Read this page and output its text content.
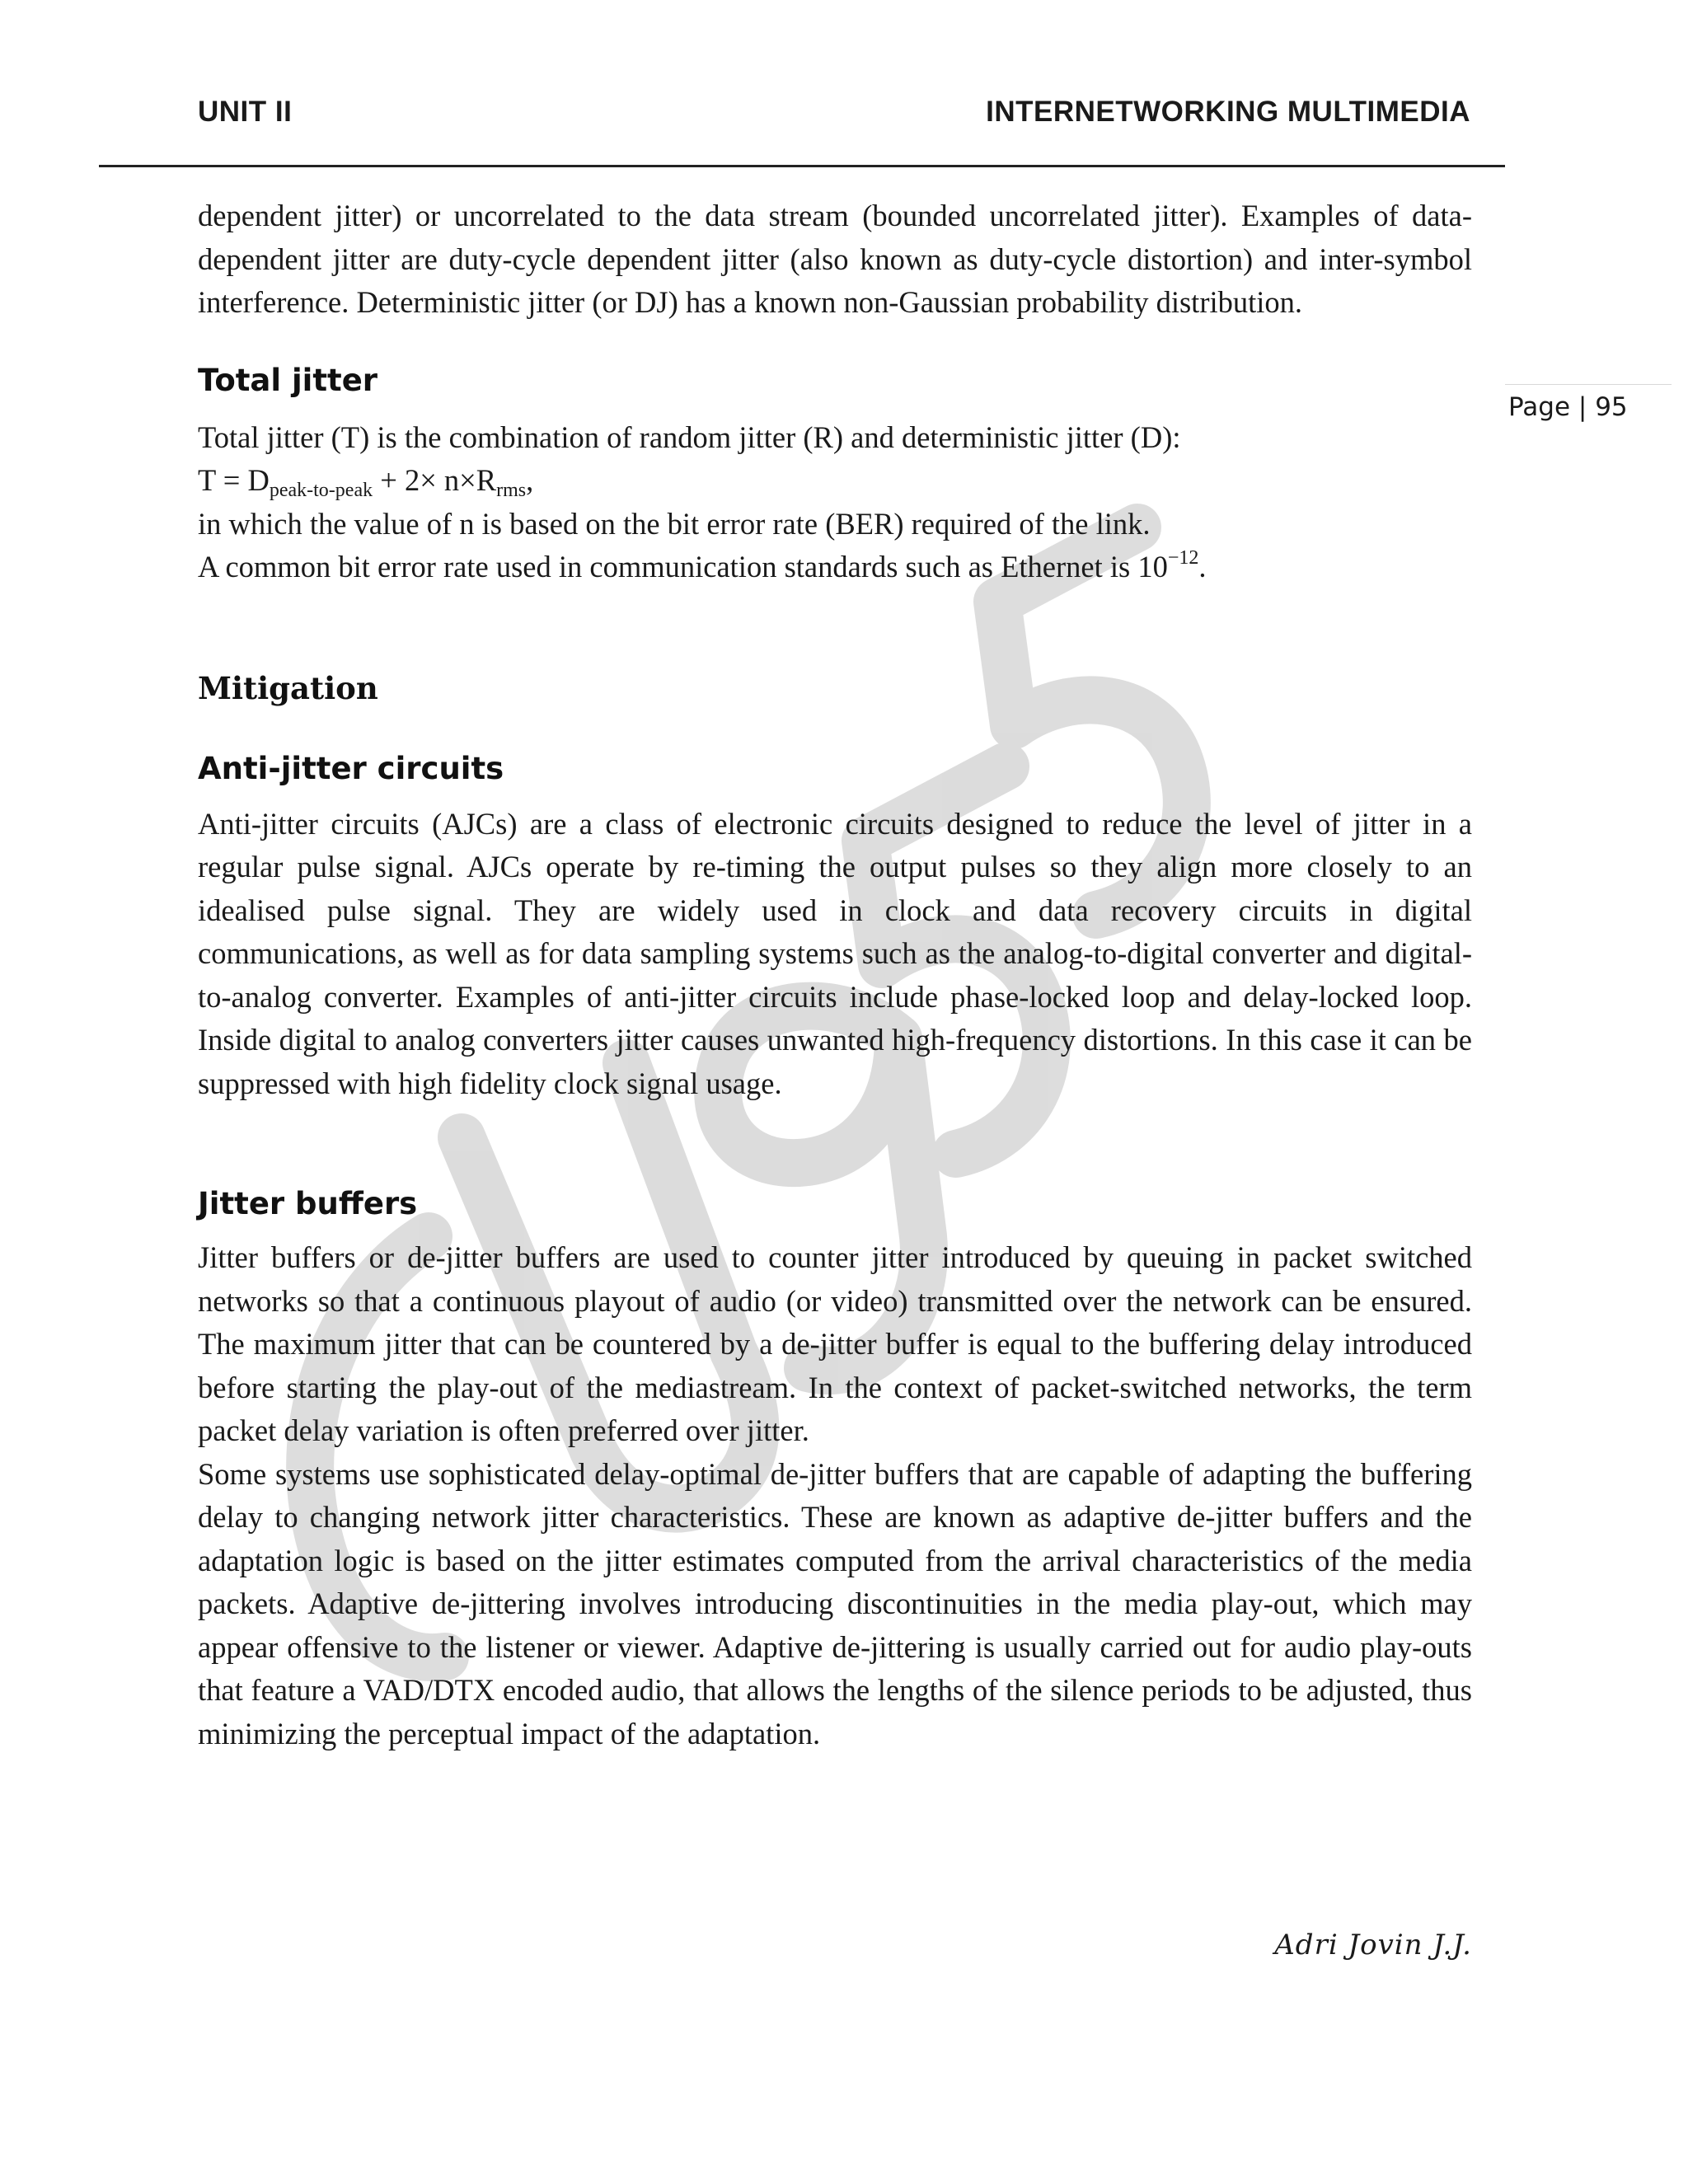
UNIT II	INTERNETWORKING MULTIMEDIA
Page | 95

dependent jitter) or uncorrelated to the data stream (bounded uncorrelated jitter). Examples of data-dependent jitter are duty-cycle dependent jitter (also known as duty-cycle distortion) and inter-symbol interference. Deterministic jitter (or DJ) has a known non-Gaussian probability distribution.

Total jitter

Total jitter (T) is the combination of random jitter (R) and deterministic jitter (D):

$T = D_{peak-to-peak} + 2\times n\times R_{rms}$,

in which the value of n is based on the bit error rate (BER) required of the link.

A common bit error rate used in communication standards such as Ethernet is $10^{-12}$.

Mitigation
Anti-jitter circuits

Anti-jitter circuits (AJCs) are a class of electronic circuits designed to reduce the level of jitter in a regular pulse signal. AJCs operate by re-timing the output pulses so they align more closely to an idealised pulse signal. They are widely used in clock and data recovery circuits in digital communications, as well as for data sampling systems such as the analog-to-digital converter and digital-to-analog converter. Examples of anti-jitter circuits include phase-locked loop and delay-locked loop. Inside digital to analog converters jitter causes unwanted high-frequency distortions. In this case it can be suppressed with high fidelity clock signal usage.

Jitter buffers

Jitter buffers or de-jitter buffers are used to counter jitter introduced by queuing in packet switched networks so that a continuous playout of audio (or video) transmitted over the network can be ensured. The maximum jitter that can be countered by a de-jitter buffer is equal to the buffering delay introduced before starting the play-out of the mediastream. In the context of packet-switched networks, the term packet delay variation is often preferred over jitter.

Some systems use sophisticated delay-optimal de-jitter buffers that are capable of adapting the buffering delay to changing network jitter characteristics. These are known as adaptive de-jitter buffers and the adaptation logic is based on the jitter estimates computed from the arrival characteristics of the media packets. Adaptive de-jittering involves introducing discontinuities in the media play-out, which may appear offensive to the listener or viewer. Adaptive de-jittering is usually carried out for audio play-outs that feature a VAD/DTX encoded audio, that allows the lengths of the silence periods to be adjusted, thus minimizing the perceptual impact of the adaptation.

Adri Jovin J.J.
